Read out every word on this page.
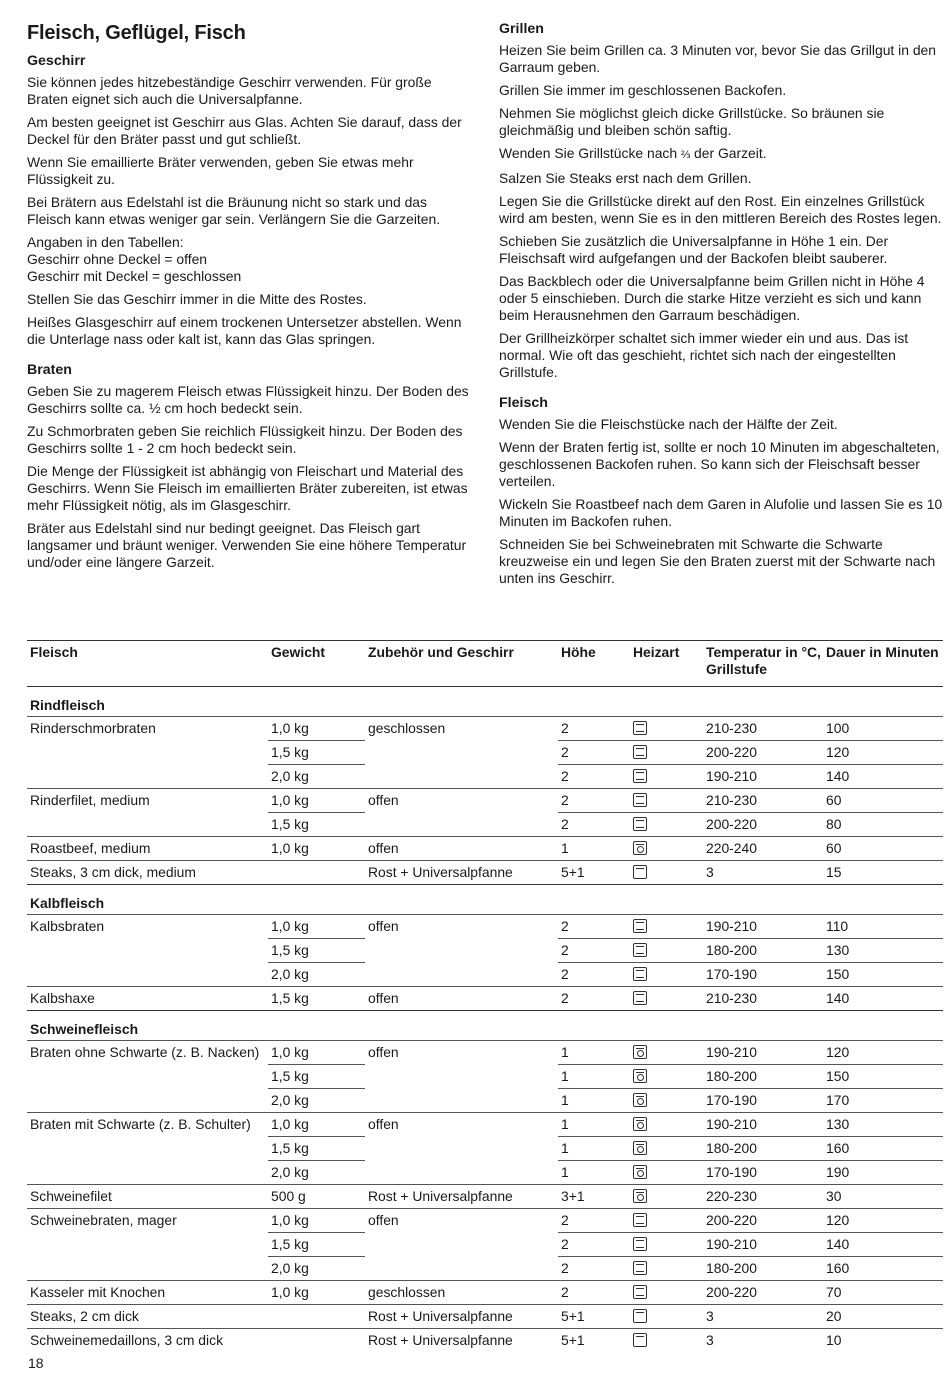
Fleisch, Geflügel, Fisch
Geschirr

Sie können jedes hitzebeständige Geschirr verwenden. Für große Braten eignet sich auch die Universalpfanne.

Am besten geeignet ist Geschirr aus Glas. Achten Sie darauf, dass der Deckel für den Bräter passt und gut schließt.

Wenn Sie emaillierte Bräter verwenden, geben Sie etwas mehr Flüssigkeit zu.

Bei Brätern aus Edelstahl ist die Bräunung nicht so stark und das Fleisch kann etwas weniger gar sein. Verlängern Sie die Garzeiten.

Angaben in den Tabellen:
Geschirr ohne Deckel = offen
Geschirr mit Deckel = geschlossen

Stellen Sie das Geschirr immer in die Mitte des Rostes.

Heißes Glasgeschirr auf einem trockenen Untersetzer abstellen. Wenn die Unterlage nass oder kalt ist, kann das Glas springen.

Braten

Geben Sie zu magerem Fleisch etwas Flüssigkeit hinzu. Der Boden des Geschirrs sollte ca. ½ cm hoch bedeckt sein.

Zu Schmorbraten geben Sie reichlich Flüssigkeit hinzu. Der Boden des Geschirrs sollte 1 - 2 cm hoch bedeckt sein.

Die Menge der Flüssigkeit ist abhängig von Fleischart und Material des Geschirrs. Wenn Sie Fleisch im emaillierten Bräter zubereiten, ist etwas mehr Flüssigkeit nötig, als im Glasgeschirr.

Bräter aus Edelstahl sind nur bedingt geeignet. Das Fleisch gart langsamer und bräunt weniger. Verwenden Sie eine höhere Temperatur und/oder eine längere Garzeit.

Grillen

Heizen Sie beim Grillen ca. 3 Minuten vor, bevor Sie das Grillgut in den Garraum geben.

Grillen Sie immer im geschlossenen Backofen.

Nehmen Sie möglichst gleich dicke Grillstücke. So bräunen sie gleichmäßig und bleiben schön saftig.

Wenden Sie Grillstücke nach ⅔ der Garzeit.

Salzen Sie Steaks erst nach dem Grillen.

Legen Sie die Grillstücke direkt auf den Rost. Ein einzelnes Grillstück wird am besten, wenn Sie es in den mittleren Bereich des Rostes legen.

Schieben Sie zusätzlich die Universalpfanne in Höhe 1 ein. Der Fleischsaft wird aufgefangen und der Backofen bleibt sauberer.

Das Backblech oder die Universalpfanne beim Grillen nicht in Höhe 4 oder 5 einschieben. Durch die starke Hitze verzieht es sich und kann beim Herausnehmen den Garraum beschädigen.

Der Grillheizkörper schaltet sich immer wieder ein und aus. Das ist normal. Wie oft das geschieht, richtet sich nach der eingestellten Grillstufe.

Fleisch

Wenden Sie die Fleischstücke nach der Hälfte der Zeit.

Wenn der Braten fertig ist, sollte er noch 10 Minuten im abgeschalteten, geschlossenen Backofen ruhen. So kann sich der Fleischsaft besser verteilen.

Wickeln Sie Roastbeef nach dem Garen in Alufolie und lassen Sie es 10 Minuten im Backofen ruhen.

Schneiden Sie bei Schweinebraten mit Schwarte die Schwarte kreuzweise ein und legen Sie den Braten zuerst mit der Schwarte nach unten ins Geschirr.

Fleisch	Gewicht	Zubehör und Geschirr	Höhe	Heizart	Temperatur in °C, Grillstufe	Dauer in Minuten
Rindfleisch						
Rinderschmorbraten	1,0 kg	geschlossen	2		210-230	100
	1,5 kg		2		200-220	120
	2,0 kg		2		190-210	140
Rinderfilet, medium	1,0 kg	offen	2		210-230	60
	1,5 kg		2		200-220	80
Roastbeef, medium	1,0 kg	offen	1		220-240	60
Steaks, 3 cm dick, medium		Rost + Universalpfanne	5+1		3	15
Kalbfleisch						
Kalbsbraten	1,0 kg	offen	2		190-210	110
	1,5 kg		2		180-200	130
	2,0 kg		2		170-190	150
Kalbshaxe	1,5 kg	offen	2		210-230	140
Schweinefleisch						
Braten ohne Schwarte (z. B. Nacken)	1,0 kg	offen	1		190-210	120
	1,5 kg		1		180-200	150
	2,0 kg		1		170-190	170
Braten mit Schwarte (z. B. Schulter)	1,0 kg	offen	1		190-210	130
	1,5 kg		1		180-200	160
	2,0 kg		1		170-190	190
Schweinefilet	500 g	Rost + Universalpfanne	3+1		220-230	30
Schweinebraten, mager	1,0 kg	offen	2		200-220	120
	1,5 kg		2		190-210	140
	2,0 kg		2		180-200	160
Kasseler mit Knochen	1,0 kg	geschlossen	2		200-220	70
Steaks, 2 cm dick		Rost + Universalpfanne	5+1		3	20
Schweinemedaillons, 3 cm dick		Rost + Universalpfanne	5+1		3	10
18
